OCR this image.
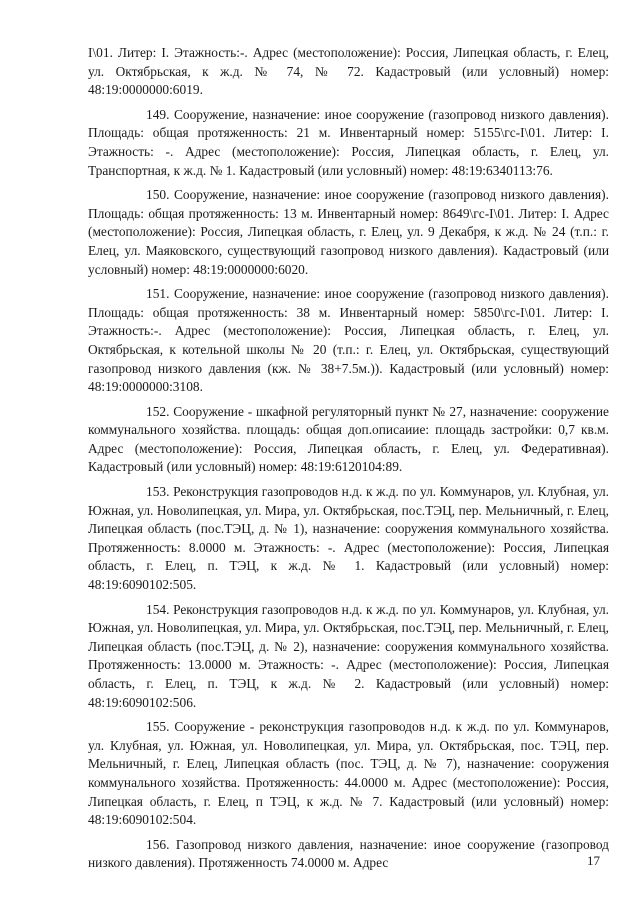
I\01. Литер: I. Этажность:-. Адрес (местоположение): Россия, Липецкая область, г. Елец, ул. Октябрьская, к ж.д. № 74, № 72. Кадастровый (или условный) номер: 48:19:0000000:6019.

149. Сооружение, назначение: иное сооружение (газопровод низкого давления). Площадь: общая протяженность: 21 м. Инвентарный номер: 5155\гс-I\01. Литер: I. Этажность: -. Адрес (местоположение): Россия, Липецкая область, г. Елец, ул. Транспортная, к ж.д. № 1. Кадастровый (или условный) номер: 48:19:6340113:76.

150. Сооружение, назначение: иное сооружение (газопровод низкого давления). Площадь: общая протяженность: 13 м. Инвентарный номер: 8649\гс-I\01. Литер: I. Адрес (местоположение): Россия, Липецкая область, г. Елец, ул. 9 Декабря, к ж.д. № 24 (т.п.: г. Елец, ул. Маяковского, существующий газопровод низкого давления). Кадастровый (или условный) номер: 48:19:0000000:6020.

151. Сооружение, назначение: иное сооружение (газопровод низкого давления). Площадь: общая протяженность: 38 м. Инвентарный номер: 5850\гс-I\01. Литер: I. Этажность:-. Адрес (местоположение): Россия, Липецкая область, г. Елец, ул. Октябрьская, к котельной школы № 20 (т.п.: г. Елец, ул. Октябрьская, существующий газопровод низкого давления (кж. № 38+7.5м.)). Кадастровый (или условный) номер: 48:19:0000000:3108.

152. Сооружение - шкафной регуляторный пункт № 27, назначение: сооружение коммунального хозяйства. площадь: общая доп.описаиие: площадь застройки: 0,7 кв.м. Адрес (местоположение): Россия, Липецкая область, г. Елец, ул. Федеративная). Кадастровый (или условный) номер: 48:19:6120104:89.

153. Реконструкция газопроводов н.д. к ж.д. по ул. Коммунаров, ул. Клубная, ул. Южная, ул. Новолипецкая, ул. Мира, ул. Октябрьская, пос.ТЭЦ, пер. Мельничный, г. Елец, Липецкая область (пос.ТЭЦ, д. № 1), назначение: сооружения коммунального хозяйства. Протяженность: 8.0000 м. Этажность: -. Адрес (местоположение): Россия, Липецкая область, г. Елец, п. ТЭЦ, к ж.д. № 1. Кадастровый (или условный) номер: 48:19:6090102:505.

154. Реконструкция газопроводов н.д. к ж.д. по ул. Коммунаров, ул. Клубная, ул. Южная, ул. Новолипецкая, ул. Мира, ул. Октябрьская, пос.ТЭЦ, пер. Мельничный, г. Елец, Липецкая область (пос.ТЭЦ, д. № 2), назначение: сооружения коммунального хозяйства. Протяженность: 13.0000 м. Этажность: -. Адрес (местоположение): Россия, Липецкая область, г. Елец, п. ТЭЦ, к ж.д. № 2. Кадастровый (или условный) номер: 48:19:6090102:506.

155. Сооружение - реконструкция газопроводов н.д. к ж.д. по ул. Коммунаров, ул. Клубная, ул. Южная, ул. Новолипецкая, ул. Мира, ул. Октябрьская, пос. ТЭЦ, пер. Мельничный, г. Елец, Липецкая область (пос. ТЭЦ, д. № 7), назначение: сооружения коммунального хозяйства. Протяженность: 44.0000 м. Адрес (местоположение): Россия, Липецкая область, г. Елец, п ТЭЦ, к ж.д. № 7. Кадастровый (или условный) номер: 48:19:6090102:504.

156. Газопровод низкого давления, назначение: иное сооружение (газопровод низкого давления). Протяженность 74.0000 м. Адрес	17
